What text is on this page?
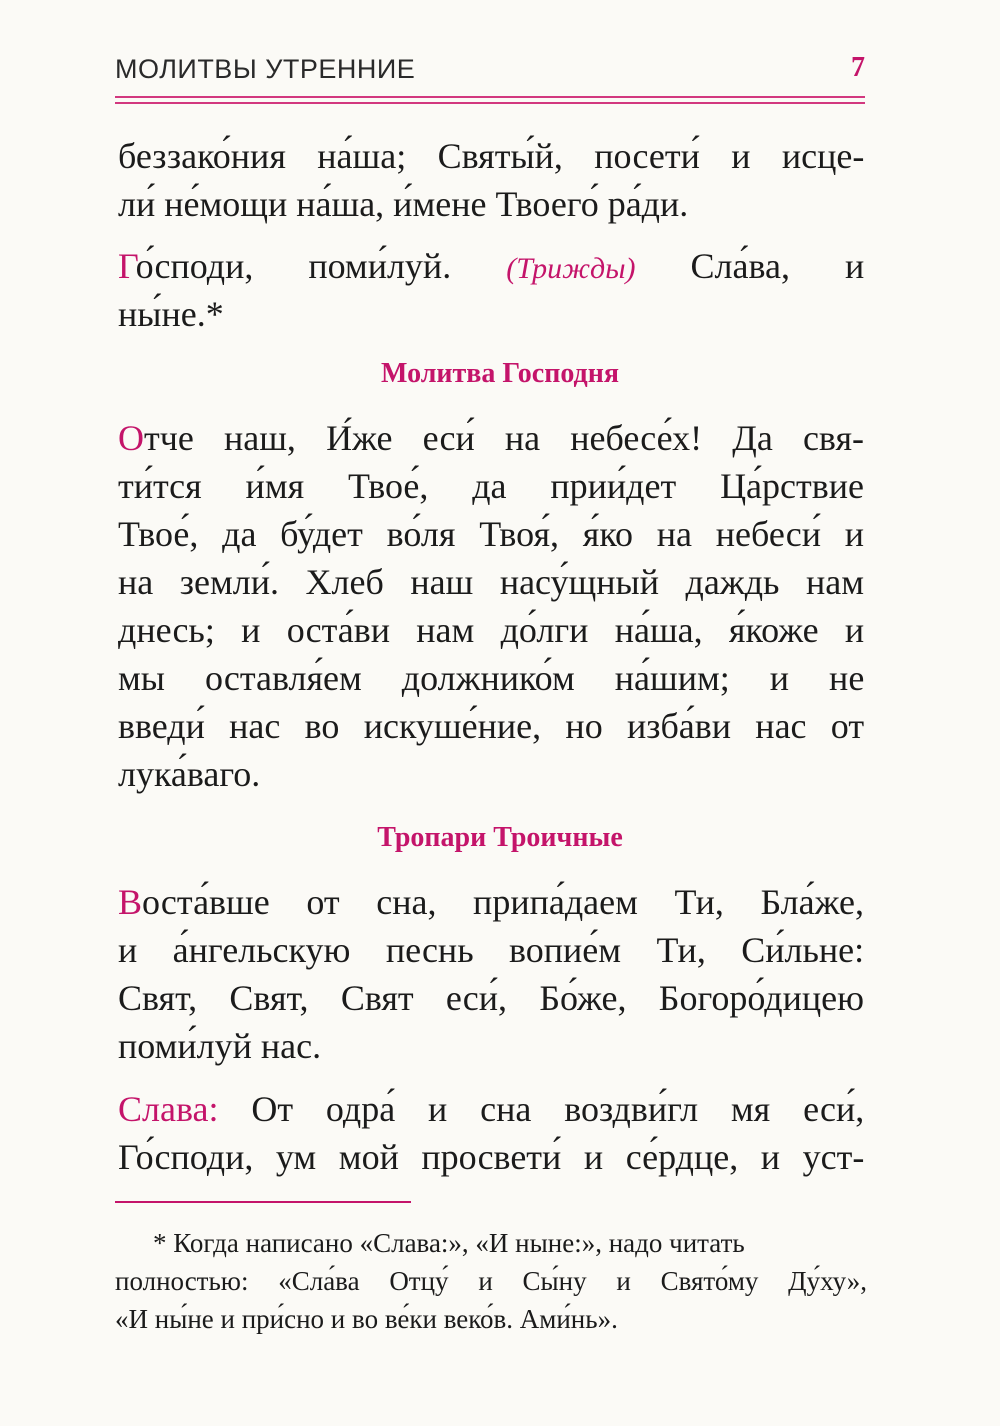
МОЛИТВЫ УТРЕННИЕ	7
беззако́ния на́ша; Святы́й, посети́ и исце-
ли́ не́мощи на́ша, и́мене Твоего́ ра́ди.
Го́споди, поми́луй. (Трижды) Сла́ва, и
ны́не.*
Молитва Господня
Отче наш, И́же еси́ на небесе́х! Да свя-
ти́тся и́мя Твое́, да прии́дет Ца́рствие
Твое́, да бу́дет во́ля Твоя́, я́ко на небеси́ и
на земли́. Хлеб наш насу́щный даждь нам
днесь; и оста́ви нам до́лги на́ша, я́коже и
мы оставля́ем должнико́м на́шим; и не
введи́ нас во искуше́ние, но изба́ви нас от
лука́ваго.
Тропари Троичные
Воста́вше от сна, припа́даем Ти, Бла́же,
и а́нгельскую песнь вопие́м Ти, Си́льне:
Свят, Свят, Свят еси́, Бо́же, Богоро́дицею
поми́луй нас.
Слава: От одра́ и сна воздви́гл мя еси́,
Го́споди, ум мой просвети́ и се́рдце, и уст-
* Когда написано «Слава:», «И ныне:», надо читать
полностью: «Сла́ва Отцу́ и Сы́ну и Свято́му Ду́ху»,
«И ны́не и при́сно и во ве́ки веко́в. Ами́нь».
